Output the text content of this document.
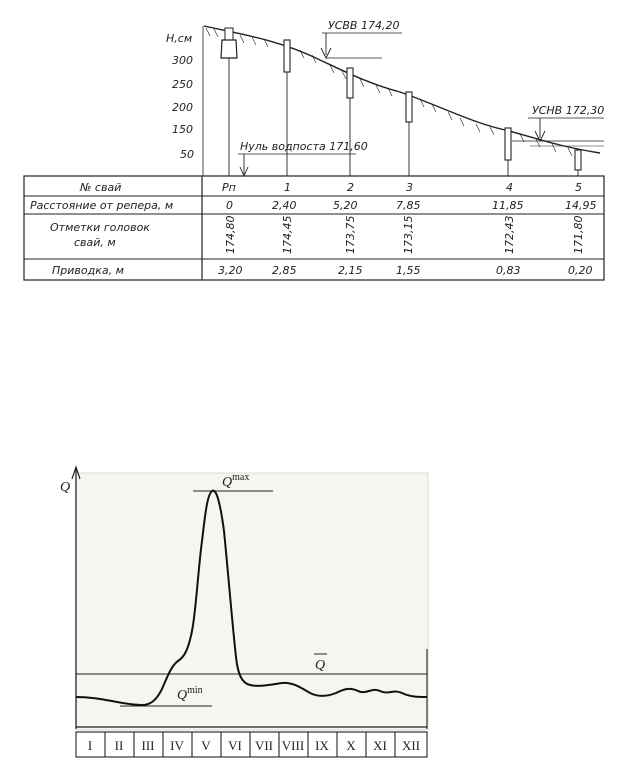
Н,см
300
250
200
150
50
УСВВ 174,20
УСНВ 172,30
Нуль водпоста 171,60
№ свай
Расстояние от репера, м
Отметки головок
свай, м
Приводка, м
Pп
0
174,80
3,20
1
2,40
174,45
2,85
2
5,20
173,75
2,15
3
7,85
173,15
1,55
4
11,85
172,43
0,83
5
14,95
171,80
0,20
Q	$Q^{max}$
Q
$Q^{min}$
I II III IV V VI VII VIII IX X XI XII
